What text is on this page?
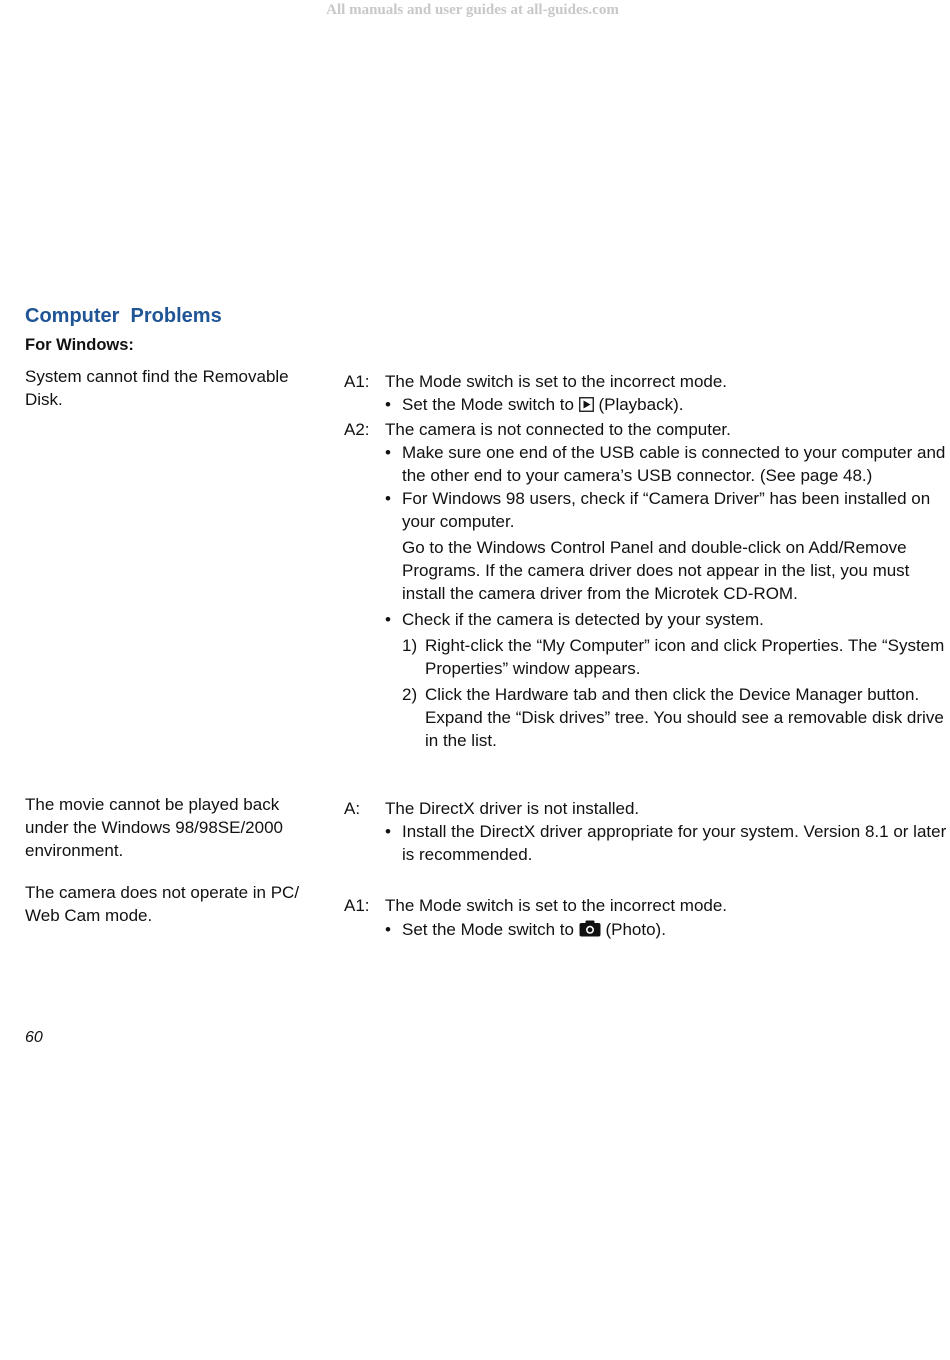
All manuals and user guides at all-guides.com
Computer  Problems
For Windows:
System cannot find the Removable Disk.
A1: The Mode switch is set to the incorrect mode.
• Set the Mode switch to (Playback).
A2: The camera is not connected to the computer.
• Make sure one end of the USB cable is connected to your computer and the other end to your camera’s USB connector. (See page 48.)
• For Windows 98 users, check if “Camera Driver” has been installed on your computer.
Go to the Windows Control Panel and double-click on Add/Remove Programs. If the camera driver does not appear in the list, you must install the camera driver from the Microtek CD-ROM.
• Check if the camera is detected by your system.
1) Right-click the “My Computer” icon and click Properties. The “System Properties” window appears.
2) Click the Hardware tab and then click the Device Manager button. Expand the “Disk drives” tree. You should see a removable disk drive in the list.
The movie cannot be played back under the Windows 98/98SE/2000 environment.
A: The DirectX driver is not installed.
• Install the DirectX driver appropriate for your system. Version 8.1 or later is recommended.
The camera does not operate in PC/ Web Cam mode.
A1: The Mode switch is set to the incorrect mode.
• Set the Mode switch to (Photo).
60
